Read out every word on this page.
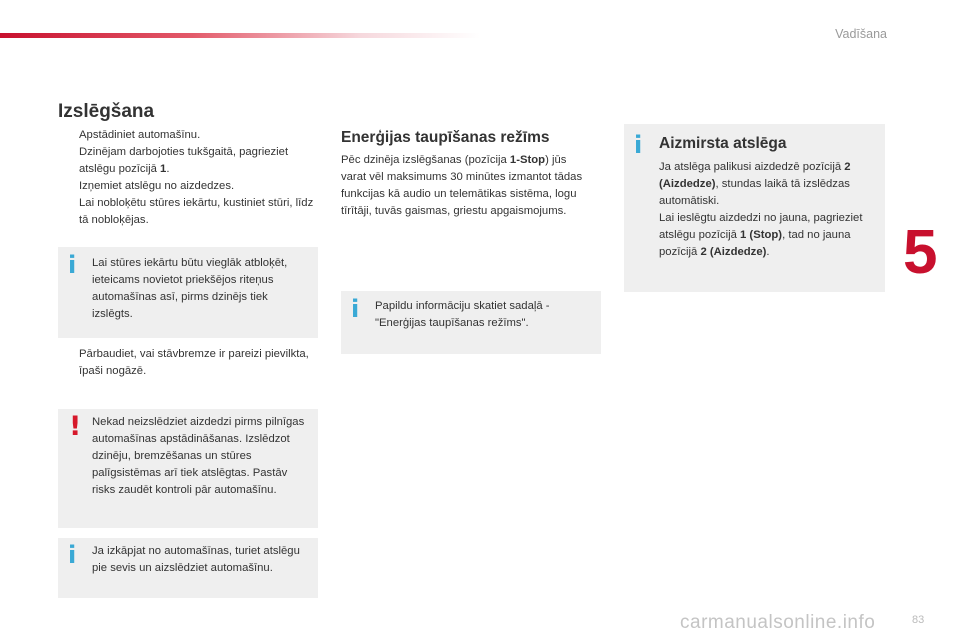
Vadīšana
5
Izslēgšana
Apstādiniet automašīnu.
Dzinējam darbojoties tukšgaitā, pagrieziet atslēgu pozīcijā 1.
Izņemiet atslēgu no aizdedzes.
Lai nobloķētu stūres iekārtu, kustiniet stūri, līdz tā nobloķējas.
i Lai stūres iekārtu būtu vieglāk atbloķēt, ieteicams novietot priekšējos riteņus automašīnas asī, pirms dzinējs tiek izslēgts.
Pārbaudiet, vai stāvbremze ir pareizi pievilkta, īpaši nogāzē.
! Nekad neizslēdziet aizdedzi pirms pilnīgas automašīnas apstādināšanas. Izslēdzot dzinēju, bremzēšanas un stūres palīgsistēmas arī tiek atslēgtas. Pastāv risks zaudēt kontroli pār automašīnu.
i Ja izkāpjat no automašīnas, turiet atslēgu pie sevis un aizslēdziet automašīnu.
Enerģijas taupīšanas režīms
Pēc dzinēja izslēgšanas (pozīcija 1-Stop) jūs varat vēl maksimums 30 minūtes izmantot tādas funkcijas kā audio un telemātikas sistēma, logu tīrītāji, tuvās gaismas, griestu apgaismojums.
i Papildu informāciju skatiet sadaļā - "Enerģijas taupīšanas režīms".
i Aizmirsta atslēga
Ja atslēga palikusi aizdedzē pozīcijā 2 (Aizdedze), stundas laikā tā izslēdzas automātiski.
Lai ieslēgtu aizdedzi no jauna, pagrieziet atslēgu pozīcijā 1 (Stop), tad no jauna pozīcijā 2 (Aizdedze).
carmanualsonline.info	83
